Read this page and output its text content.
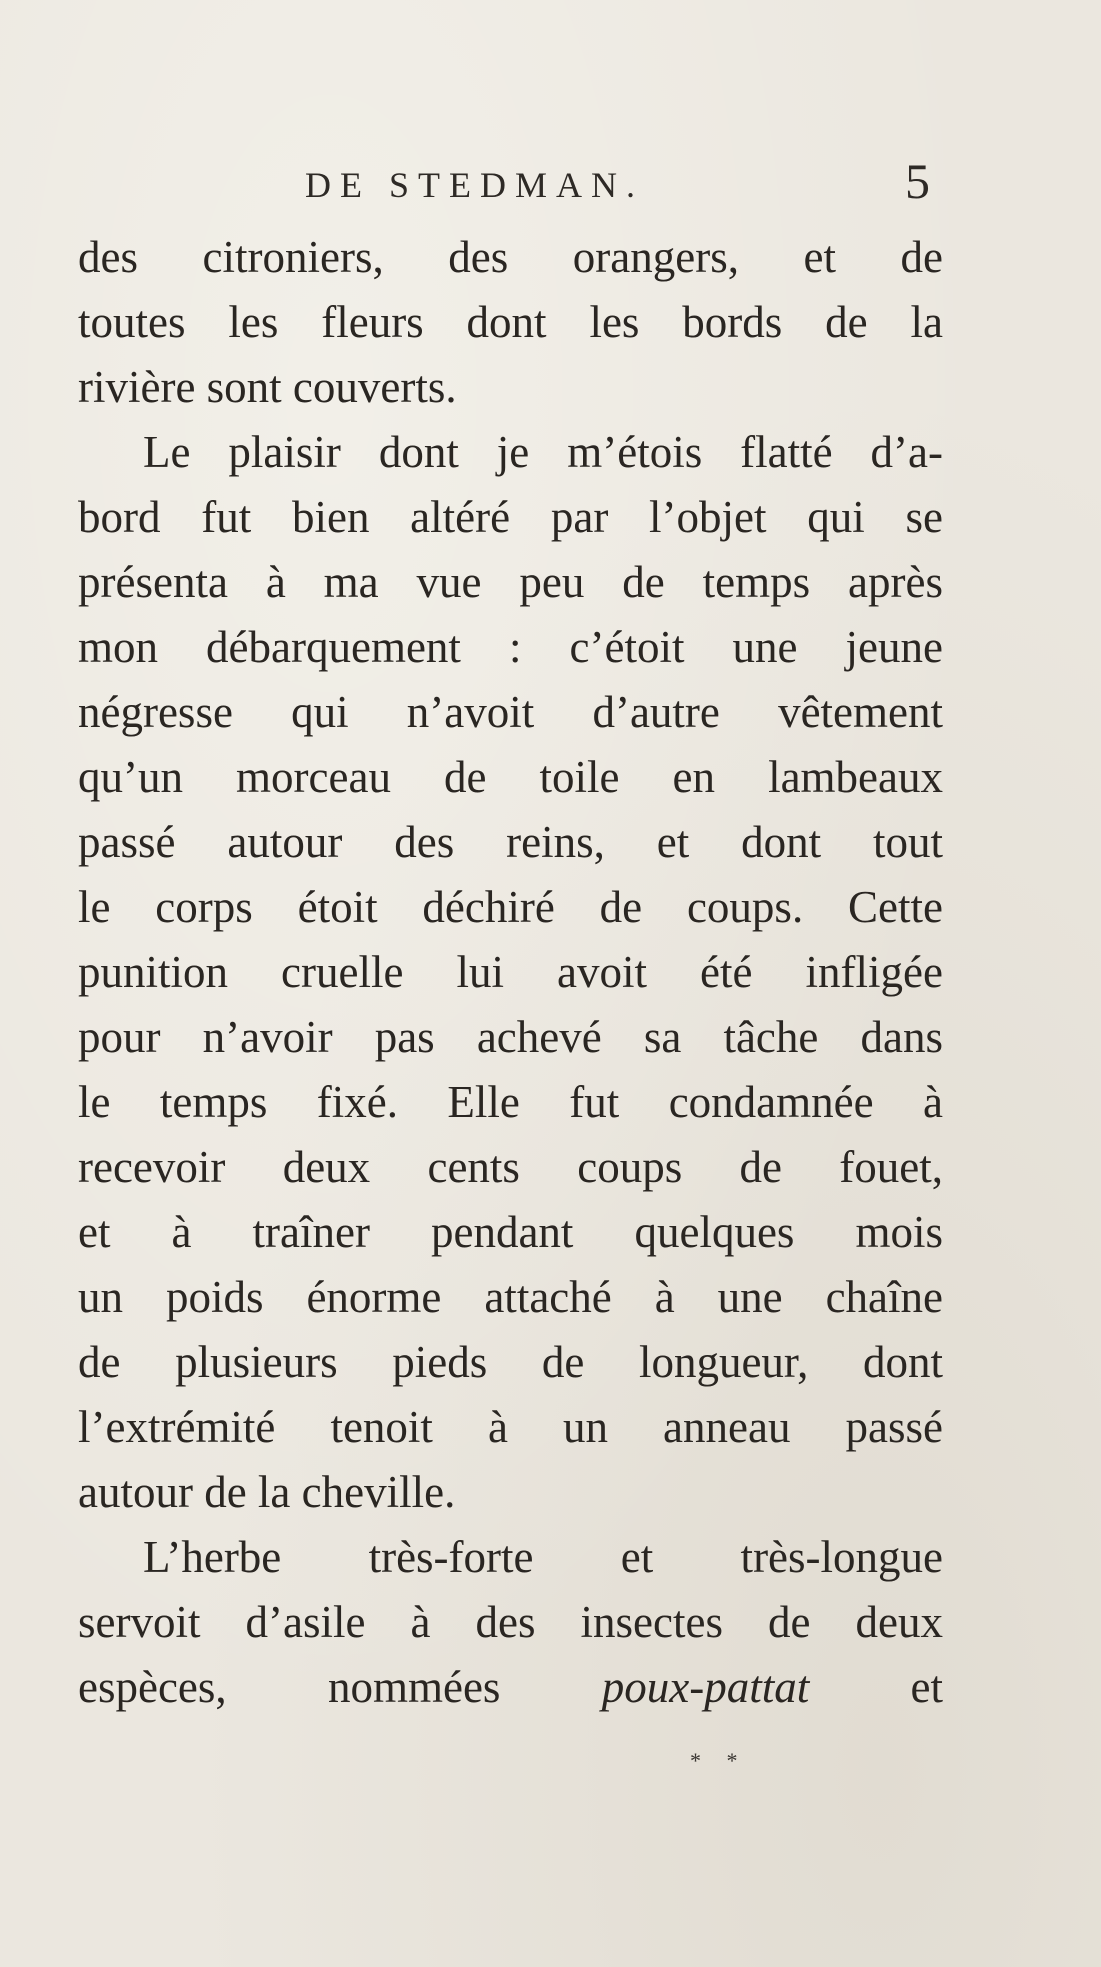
DE STEDMAN.	5
des citroniers, des orangers, et de
toutes les fleurs dont les bords de la
rivière sont couverts.
Le plaisir dont je m’étois flatté d’a-
bord fut bien altéré par l’objet qui se
présenta à ma vue peu de temps après
mon débarquement : c’étoit une jeune
négresse qui n’avoit d’autre vêtement
qu’un morceau de toile en lambeaux
passé autour des reins, et dont tout
le corps étoit déchiré de coups. Cette
punition cruelle lui avoit été infligée
pour n’avoir pas achevé sa tâche dans
le temps fixé. Elle fut condamnée à
recevoir deux cents coups de fouet,
et à traîner pendant quelques mois
un poids énorme attaché à une chaîne
de plusieurs pieds de longueur, dont
l’extrémité tenoit à un anneau passé
autour de la cheville.
L’herbe très-forte et très-longue
servoit d’asile à des insectes de deux
espèces, nommées poux-pattat et
* *
